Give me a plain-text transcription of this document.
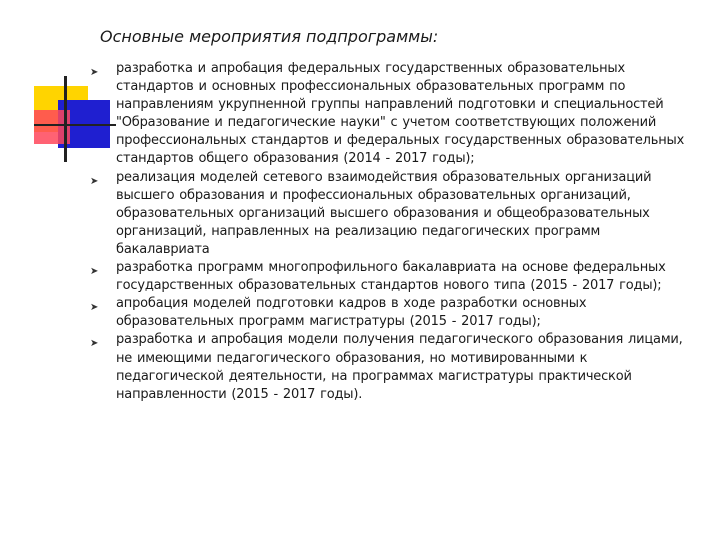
Основные мероприятия подпрограммы:
➤	разработка и апробация федеральных государственных образовательных стандартов и основных профессиональных образовательных программ по направлениям укрупненной группы направлений подготовки и специальностей "Образование и педагогические науки" с учетом соответствующих положений профессиональных стандартов и федеральных государственных образовательных стандартов общего образования (2014 - 2017 годы);
➤	реализация моделей сетевого взаимодействия образовательных организаций высшего образования и профессиональных образовательных организаций, образовательных организаций высшего образования и общеобразовательных организаций, направленных на реализацию педагогических программ бакалавриата
➤	разработка программ многопрофильного бакалавриата на основе федеральных государственных образовательных стандартов нового типа (2015 - 2017 годы);
➤	апробация моделей подготовки кадров в ходе разработки основных образовательных программ магистратуры (2015 - 2017 годы);
➤	разработка и апробация модели получения педагогического образования лицами, не имеющими педагогического образования, но мотивированными к педагогической деятельности, на программах магистратуры практической направленности (2015 - 2017 годы).
